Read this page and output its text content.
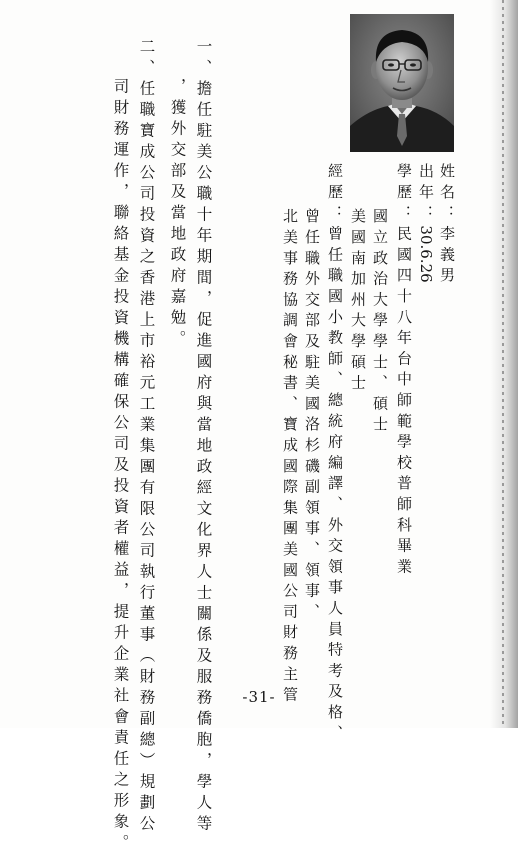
姓名：李義男
出年：30.6.26
學歷：民國四十八年台中師範學校普師科畢業
國立政治大學學士、碩士
美國南加州大學碩士
經歷：曾任職國小教師、總統府編譯、外交領事人員特考及格、
曾任職外交部及駐美國洛杉磯副領事、領事、
北美事務協調會秘書、寶成國際集團美國公司財務主管
一、擔任駐美公職十年期間，促進國府與當地政經文化界人士關係及服務僑胞，學人等
，獲外交部及當地政府嘉勉。
二、任職寶成公司投資之香港上市裕元工業集團有限公司執行董事（財務副總）規劃公
司財務運作，聯絡基金投資機構確保公司及投資者權益，提升企業社會責任之形象。	-31-
